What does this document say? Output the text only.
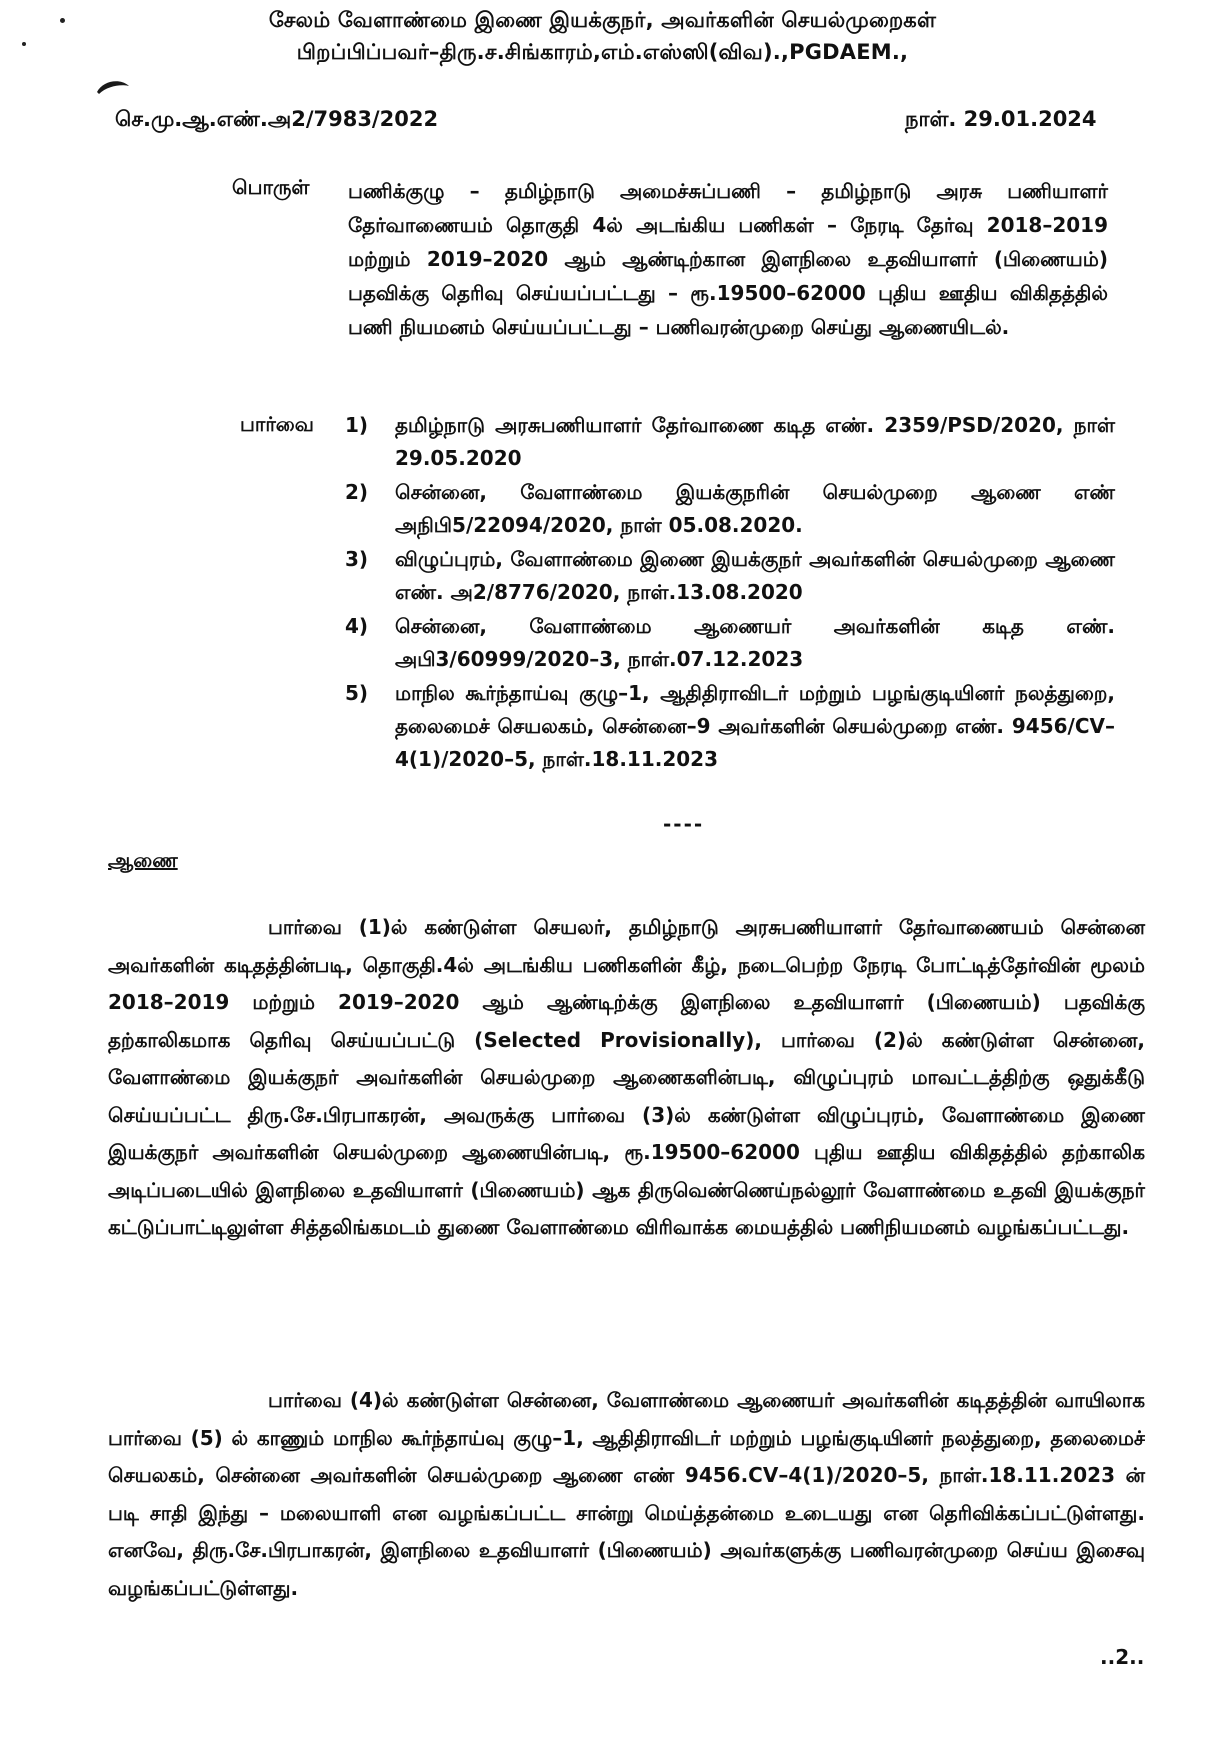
சேலம் வேளாண்மை இணை இயக்குநர், அவர்களின் செயல்முறைகள்
பிறப்பிப்பவர்–திரு.ச.சிங்காரம்,எம்.எஸ்ஸி(விவ).,PGDAEM.,
செ.மு.ஆ.எண்.அ2/7983/2022	நாள். 29.01.2024
பொருள் பணிக்குழு – தமிழ்நாடு அமைச்சுப்பணி – தமிழ்நாடு அரசு பணியாளர் தேர்வாணையம் தொகுதி 4ல் அடங்கிய பணிகள் – நேரடி தேர்வு 2018–2019 மற்றும் 2019–2020 ஆம் ஆண்டிற்கான இளநிலை உதவியாளர் (பிணையம்) பதவிக்கு தெரிவு செய்யப்பட்டது – ரூ.19500–62000 புதிய ஊதிய விகிதத்தில் பணி நியமனம் செய்யப்பட்டது – பணிவரன்முறை செய்து ஆணையிடல்.
பார்வை 1) தமிழ்நாடு அரசுபணியாளர் தேர்வாணை கடித எண். 2359/PSD/2020, நாள் 29.05.2020
2) சென்னை, வேளாண்மை இயக்குநரின் செயல்முறை ஆணை எண் அநிபி5/22094/2020, நாள் 05.08.2020.
3) விழுப்புரம், வேளாண்மை இணை இயக்குநர் அவர்களின் செயல்முறை ஆணை எண். அ2/8776/2020, நாள்.13.08.2020
4) சென்னை, வேளாண்மை ஆணையர் அவர்களின் கடித எண். அபி3/60999/2020–3, நாள்.07.12.2023
5) மாநில கூர்ந்தாய்வு குழு–1, ஆதிதிராவிடர் மற்றும் பழங்குடியினர் நலத்துறை, தலைமைச் செயலகம், சென்னை–9 அவர்களின் செயல்முறை எண். 9456/CV–4(1)/2020–5, நாள்.18.11.2023
----
ஆணை
பார்வை (1)ல் கண்டுள்ள செயலர், தமிழ்நாடு அரசுபணியாளர் தேர்வாணையம் சென்னை அவர்களின் கடிதத்தின்படி, தொகுதி.4ல் அடங்கிய பணிகளின் கீழ், நடைபெற்ற நேரடி போட்டித்தேர்வின் மூலம் 2018–2019 மற்றும் 2019–2020 ஆம் ஆண்டிற்க்கு இளநிலை உதவியாளர் (பிணையம்) பதவிக்கு தற்காலிகமாக தெரிவு செய்யப்பட்டு (Selected Provisionally), பார்வை (2)ல் கண்டுள்ள சென்னை, வேளாண்மை இயக்குநர் அவர்களின் செயல்முறை ஆணைகளின்படி, விழுப்புரம் மாவட்டத்திற்கு ஒதுக்கீடு செய்யப்பட்ட திரு.சே.பிரபாகரன், அவருக்கு பார்வை (3)ல் கண்டுள்ள விழுப்புரம், வேளாண்மை இணை இயக்குநர் அவர்களின் செயல்முறை ஆணையின்படி, ரூ.19500–62000 புதிய ஊதிய விகிதத்தில் தற்காலிக அடிப்படையில் இளநிலை உதவியாளர் (பிணையம்) ஆக திருவெண்ணெய்நல்லூர் வேளாண்மை உதவி இயக்குநர் கட்டுப்பாட்டிலுள்ள சித்தலிங்கமடம் துணை வேளாண்மை விரிவாக்க மையத்தில் பணிநியமனம் வழங்கப்பட்டது.
பார்வை (4)ல் கண்டுள்ள சென்னை, வேளாண்மை ஆணையர் அவர்களின் கடிதத்தின் வாயிலாக பார்வை (5) ல் காணும் மாநில கூர்ந்தாய்வு குழு–1, ஆதிதிராவிடர் மற்றும் பழங்குடியினர் நலத்துறை, தலைமைச் செயலகம், சென்னை அவர்களின் செயல்முறை ஆணை எண் 9456.CV–4(1)/2020–5, நாள்.18.11.2023 ன் படி சாதி இந்து – மலையாளி என வழங்கப்பட்ட சான்று மெய்த்தன்மை உடையது என தெரிவிக்கப்பட்டுள்ளது. எனவே, திரு.சே.பிரபாகரன், இளநிலை உதவியாளர் (பிணையம்) அவர்களுக்கு பணிவரன்முறை செய்ய இசைவு வழங்கப்பட்டுள்ளது.
..2..
